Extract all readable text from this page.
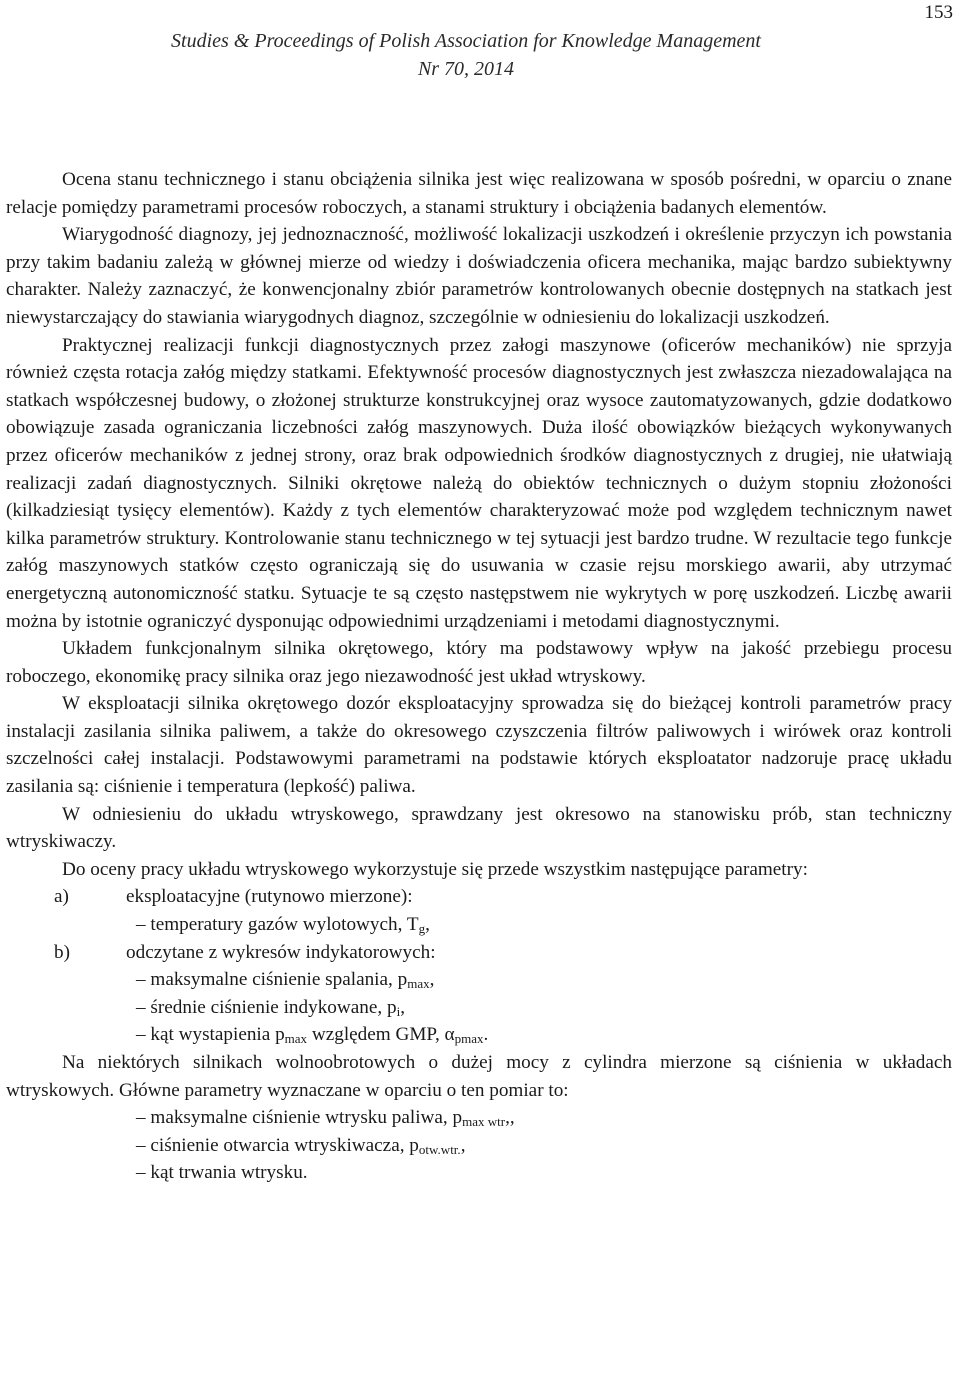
153
Studies & Proceedings of Polish Association for Knowledge Management
Nr 70, 2014

Ocena stanu technicznego i stanu obciążenia silnika jest więc realizowana w sposób pośredni, w oparciu o znane relacje pomiędzy parametrami procesów roboczych, a stanami struktury i obciążenia badanych elementów.

Wiarygodność diagnozy, jej jednoznaczność, możliwość lokalizacji uszkodzeń i określenie przyczyn ich powstania przy takim badaniu zależą w głównej mierze od wiedzy i doświadczenia oficera mechanika, mając bardzo subiektywny charakter. Należy zaznaczyć, że konwencjonalny zbiór parametrów kontrolowanych obecnie dostępnych na statkach jest niewystarczający do stawiania wiarygodnych diagnoz, szczególnie w odniesieniu do lokalizacji uszkodzeń.

Praktycznej realizacji funkcji diagnostycznych przez załogi maszynowe (oficerów mechaników) nie sprzyja również częsta rotacja załóg między statkami. Efektywność procesów diagnostycznych jest zwłaszcza niezadowalająca na statkach współczesnej budowy, o złożonej strukturze konstrukcyjnej oraz wysoce zautomatyzowanych, gdzie dodatkowo obowiązuje zasada ograniczania liczebności załóg maszynowych. Duża ilość obowiązków bieżących wykonywanych przez oficerów mechaników z jednej strony, oraz brak odpowiednich środków diagnostycznych z drugiej, nie ułatwiają realizacji zadań diagnostycznych. Silniki okrętowe należą do obiektów technicznych o dużym stopniu złożoności (kilkadziesiąt tysięcy elementów). Każdy z tych elementów charakteryzować może pod względem technicznym nawet kilka parametrów struktury. Kontrolowanie stanu technicznego w tej sytuacji jest bardzo trudne. W rezultacie tego funkcje załóg maszynowych statków często ograniczają się do usuwania w czasie rejsu morskiego awarii, aby utrzymać energetyczną autonomiczność statku. Sytuacje te są często następstwem nie wykrytych w porę uszkodzeń. Liczbę awarii można by istotnie ograniczyć dysponując odpowiednimi urządzeniami i metodami diagnostycznymi.

Układem funkcjonalnym silnika okrętowego, który ma podstawowy wpływ na jakość przebiegu procesu roboczego, ekonomikę pracy silnika oraz jego niezawodność jest układ wtryskowy.

W eksploatacji silnika okrętowego dozór eksploatacyjny sprowadza się do bieżącej kontroli parametrów pracy instalacji zasilania silnika paliwem, a także do okresowego czyszczenia filtrów paliwowych i wirówek oraz kontroli szczelności całej instalacji. Podstawowymi parametrami na podstawie których eksploatator nadzoruje pracę układu zasilania są: ciśnienie i temperatura (lepkość) paliwa.

W odniesieniu do układu wtryskowego, sprawdzany jest okresowo na stanowisku prób, stan techniczny wtryskiwaczy.

Do oceny pracy układu wtryskowego wykorzystuje się przede wszystkim następujące parametry:

a)	eksploatacyjne (rutynowo mierzone):
– temperatury gazów wylotowych, $T_g$,
b)	odczytane z wykresów indykatorowych:
– maksymalne ciśnienie spalania, $p_{max}$,
– średnie ciśnienie indykowane, $p_i$,
– kąt wystapienia $p_{max}$ względem GMP, $\alpha_{pmax}$.

Na niektórych silnikach wolnoobrotowych o dużej mocy z cylindra mierzone są ciśnienia w układach wtryskowych. Główne parametry wyznaczane w oparciu o ten pomiar to:

– maksymalne ciśnienie wtrysku paliwa, $p_{max wtr}$,,
– ciśnienie otwarcia wtryskiwacza, $p_{otw.wtr.}$,
– kąt trwania wtrysku.
